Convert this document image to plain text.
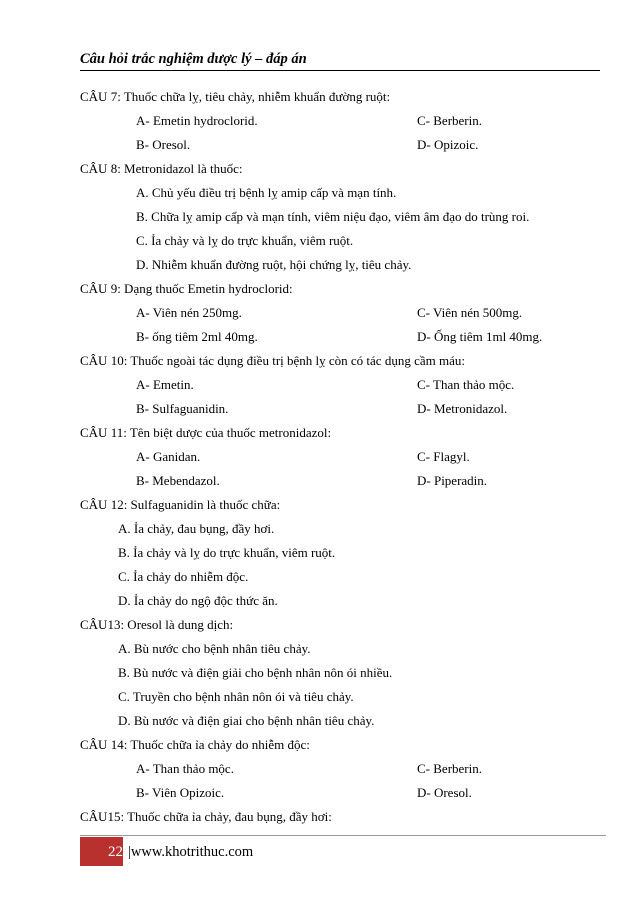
Câu hỏi trắc nghiệm dược lý – đáp án
CÂU 7: Thuốc chữa lỵ, tiêu chảy, nhiễm khuẩn đường ruột:
A- Emetin hydroclorid.	C- Berberin.
B- Oresol.	D- Opizoic.
CÂU 8: Metronidazol là thuốc:
A. Chủ yếu điều trị bệnh lỵ amip cấp và mạn tính.
B. Chữa lỵ amip cấp và mạn tính, viêm niệu đạo, viêm âm đạo do trùng roi.
C. Ỉa chảy và lỵ do trực khuẩn, viêm ruột.
D. Nhiễm khuẩn đường ruột, hội chứng lỵ, tiêu chảy.
CÂU 9: Dạng thuốc Emetin hydroclorid:
A- Viên nén 250mg.	C- Viên nén 500mg.
B- ống tiêm 2ml 40mg.	D- Ống tiêm 1ml 40mg.
CÂU 10: Thuốc ngoài tác dụng điều trị bệnh lỵ còn có tác dụng cầm máu:
A- Emetin.	C- Than thảo mộc.
B- Sulfaguanidin.	D- Metronidazol.
CÂU 11: Tên biệt dược của thuốc metronidazol:
A- Ganidan.	C- Flagyl.
B- Mebendazol.	D- Piperadin.
CÂU 12: Sulfaguanidin là thuốc chữa:
A. Ỉa chảy, đau bụng, đầy hơi.
B. Ỉa chảy và lỵ do trực khuẩn, viêm ruột.
C. Ỉa chảy do nhiễm độc.
D. Ỉa chảy do ngộ độc thức ăn.
CÂU13: Oresol là dung dịch:
A. Bù nước cho bệnh nhân tiêu chảy.
B. Bù nước và điện giải cho bệnh nhân nôn ói nhiều.
C. Truyền cho bệnh nhân nôn ói và tiêu chảy.
D. Bù nước và điện giai cho bệnh nhân tiêu chảy.
CÂU 14: Thuốc chữa ỉa chảy do nhiễm độc:
A- Than thảo mộc.	C- Berberin.
B- Viên Opizoic.	D- Oresol.
CÂU15: Thuốc chữa ỉa chảy, đau bụng, đầy hơi:
22 |www.khotrithuc.com
